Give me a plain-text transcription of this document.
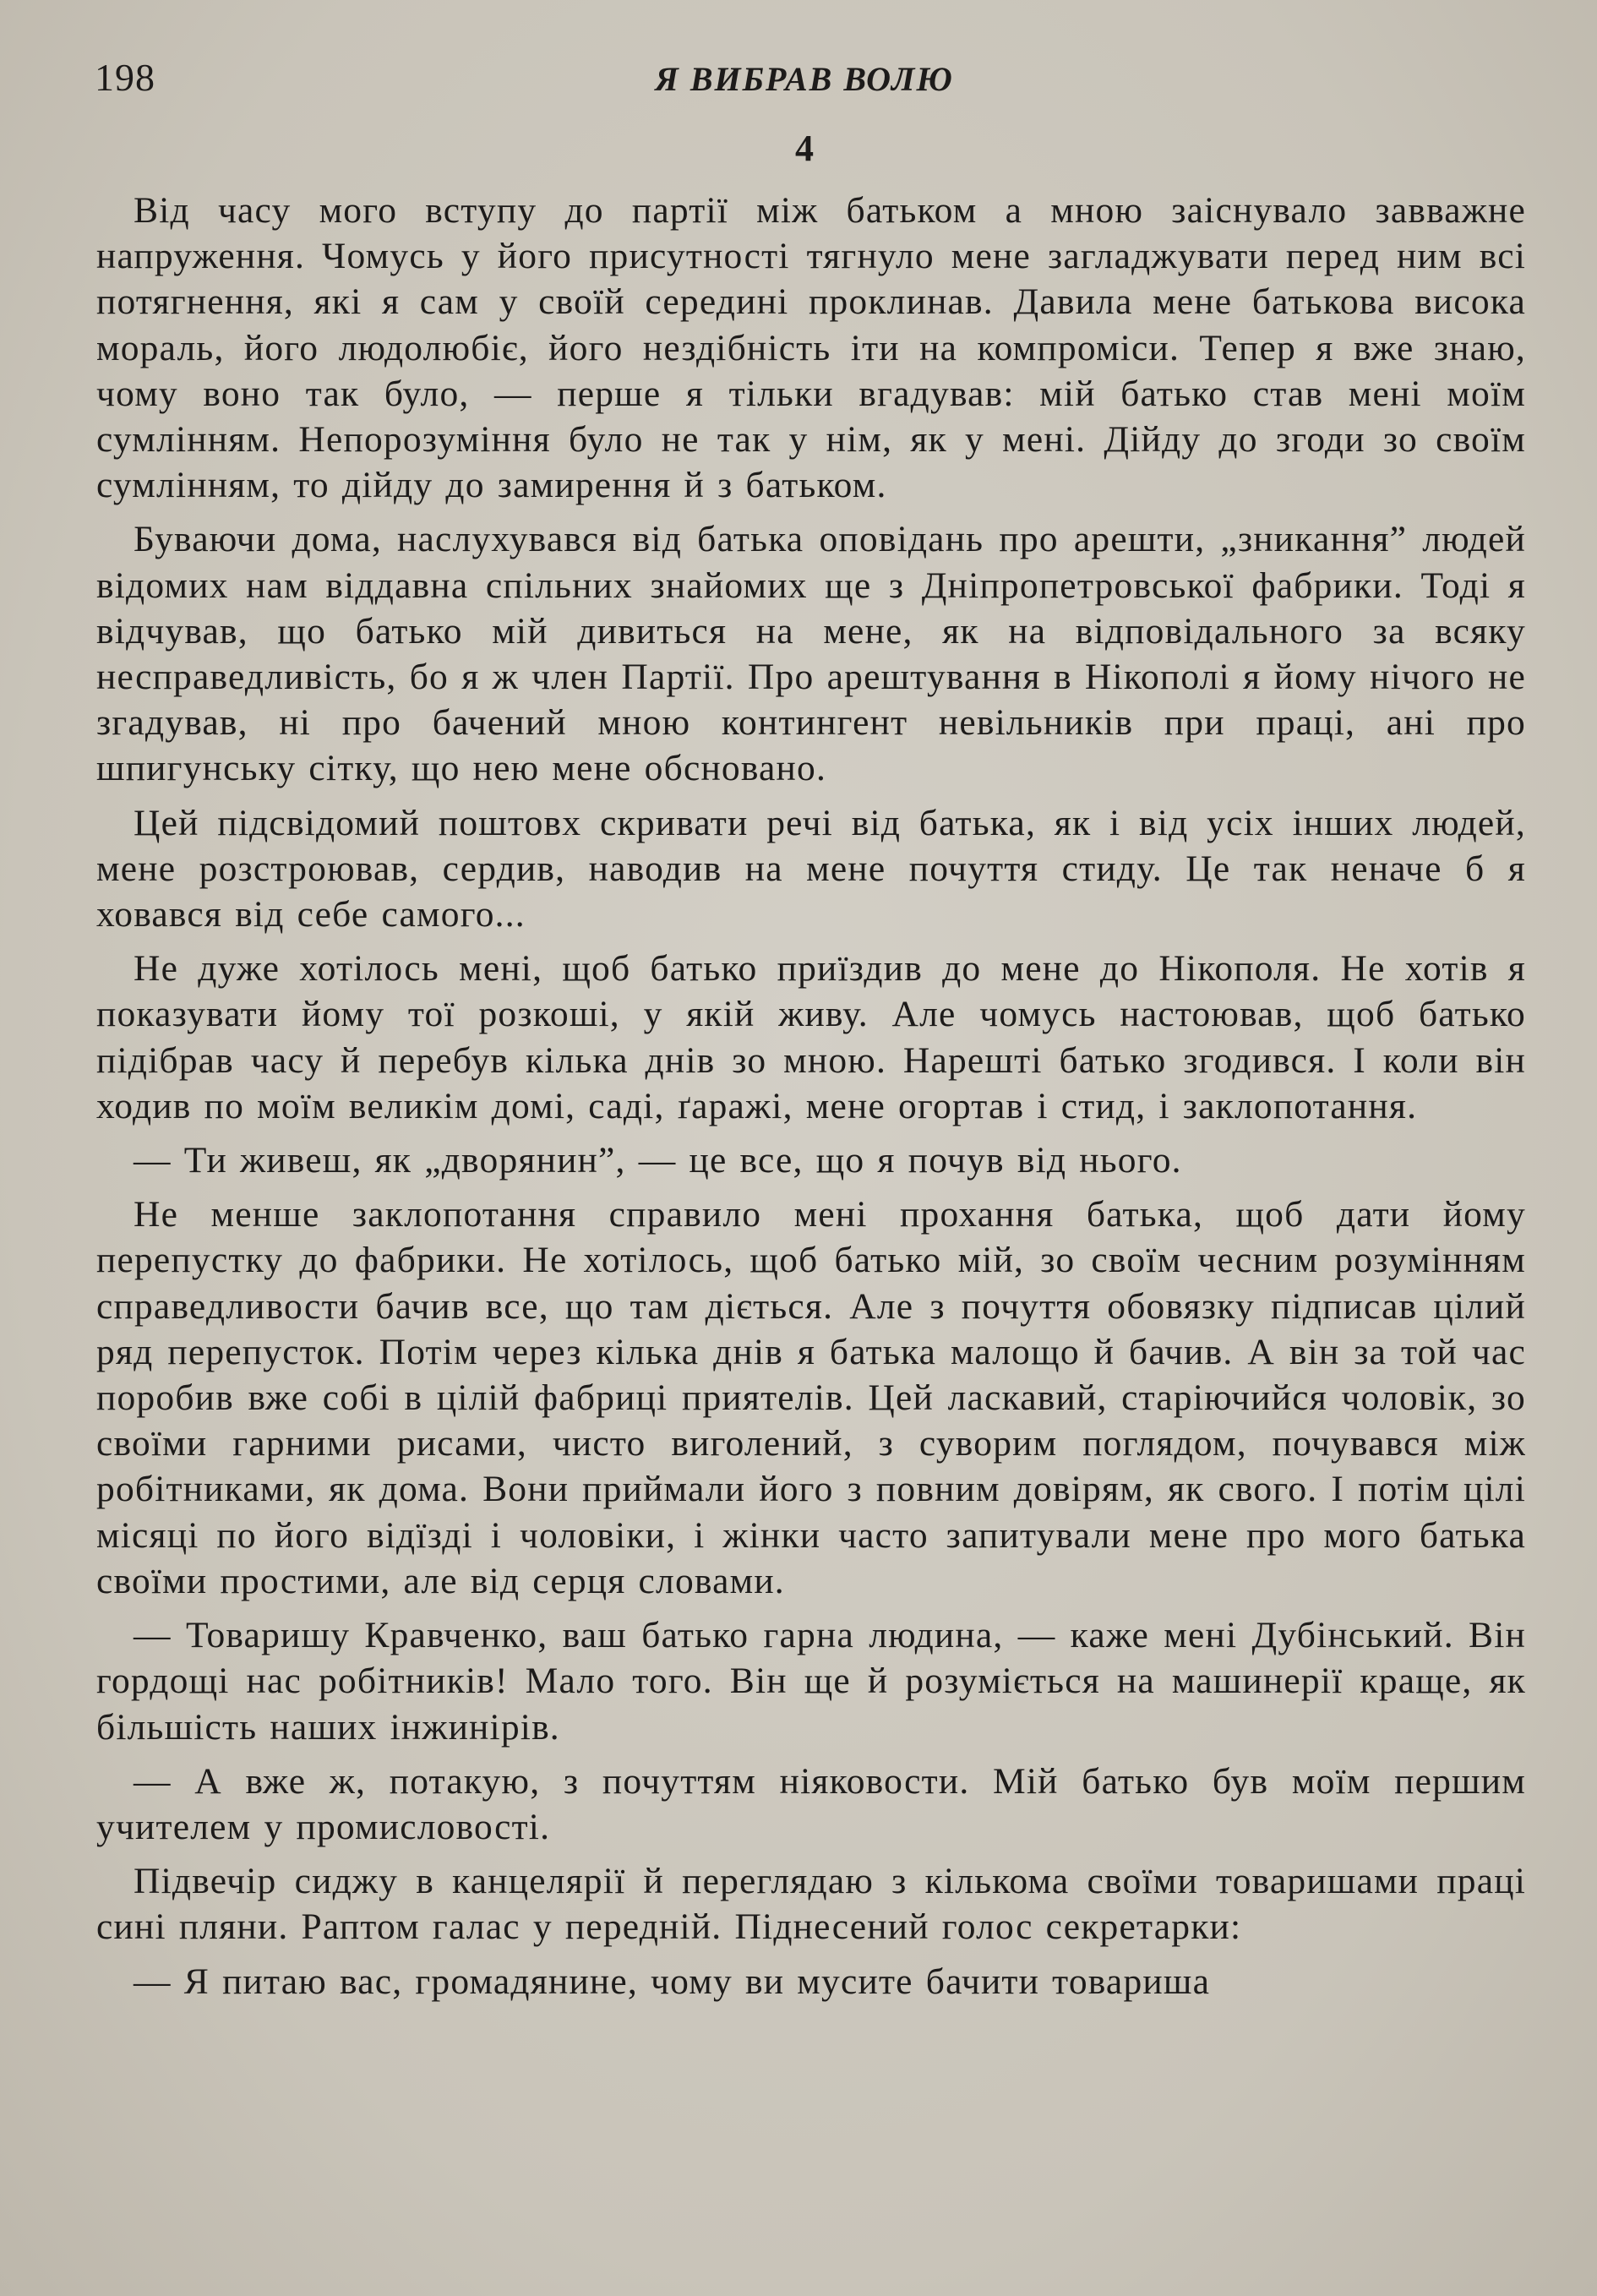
198	Я ВИБРАВ ВОЛЮ
4

Від часу мого вступу до партії між батьком а мною заіснувало завважне напруження. Чомусь у його присутності тягнуло мене загладжувати перед ним всі потягнення, які я сам у своїй середині проклинав. Давила мене батькова висока мораль, його людолюбіє, його нездібність іти на компроміси. Тепер я вже знаю, чому воно так було, — перше я тільки вгадував: мій батько став мені моїм сумлінням. Непорозуміння було не так у нім, як у мені. Дійду до згоди зо своїм сумлінням, то дійду до замирення й з батьком.

Буваючи дома, наслухувався від батька оповідань про арешти, „зникання” людей відомих нам віддавна спільних знайомих ще з Дніпропетровської фабрики. Тоді я відчував, що батько мій дивиться на мене, як на відповідального за всяку несправедливість, бо я ж член Партії. Про арештування в Нікополі я йому нічого не згадував, ні про бачений мною контингент невільників при праці, ані про шпигунську сітку, що нею мене обсновано.

Цей підсвідомий поштовх скривати речі від батька, як і від усіх інших людей, мене розстроював, сердив, наводив на мене почуття стиду. Це так неначе б я ховався від себе самого...

Не дуже хотілось мені, щоб батько приїздив до мене до Нікополя. Не хотів я показувати йому тої розкоші, у якій живу. Але чомусь настоював, щоб батько підібрав часу й перебув кілька днів зо мною. Нарешті батько згодився. І коли він ходив по моїм великім домі, саді, ґаражі, мене огортав і стид, і заклопотання.

— Ти живеш, як „дворянин”, — це все, що я почув від нього.

Не менше заклопотання справило мені прохання батька, щоб дати йому перепустку до фабрики. Не хотілось, щоб батько мій, зо своїм чесним розумінням справедливости бачив все, що там діється. Але з почуття обовязку підписав цілий ряд перепусток. Потім через кілька днів я батька малощо й бачив. А він за той час поробив вже собі в цілій фабриці приятелів. Цей ласкавий, старіючийся чоловік, зо своїми гарними рисами, чисто виголений, з суворим поглядом, почувався між робітниками, як дома. Вони приймали його з повним довірям, як свого. І потім цілі місяці по його відїзді і чоловіки, і жінки часто запитували мене про мого батька своїми простими, але від серця словами.

— Товаришу Кравченко, ваш батько гарна людина, — каже мені Дубінський. Він гордощі нас робітників! Мало того. Він ще й розуміється на машинерії краще, як більшість наших інжинірів.

— А вже ж, потакую, з почуттям ніяковости. Мій батько був моїм першим учителем у промисловості.

Підвечір сиджу в канцелярії й переглядаю з кількома своїми товаришами праці сині пляни. Раптом галас у передній. Піднесений голос секретарки:

— Я питаю вас, громадянине, чому ви мусите бачити товариша
